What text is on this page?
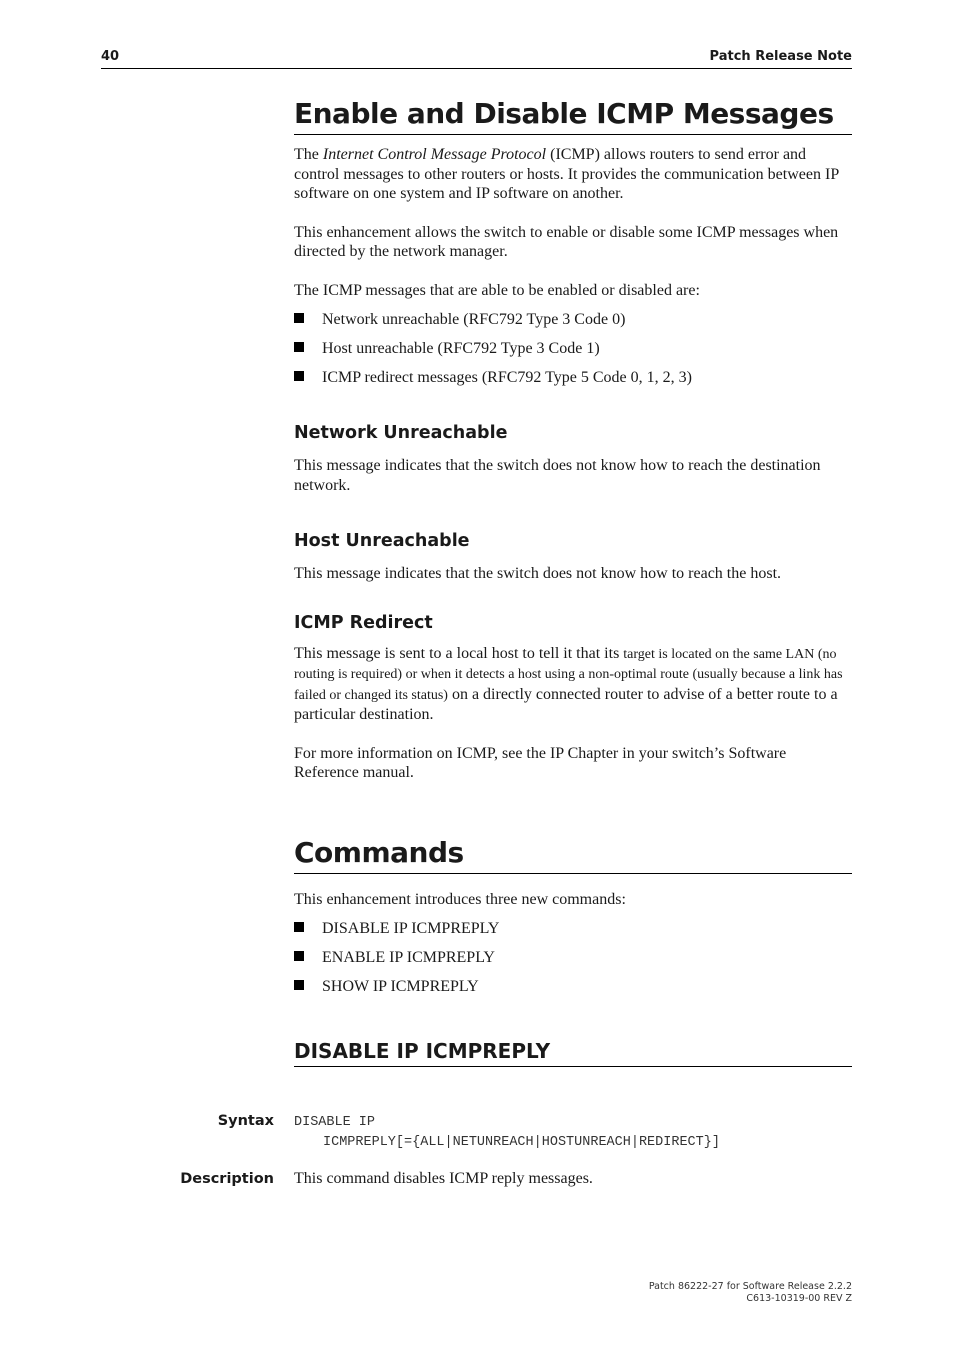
40	Patch Release Note
Enable and Disable ICMP Messages

The Internet Control Message Protocol (ICMP) allows routers to send error and control messages to other routers or hosts. It provides the communication between IP software on one system and IP software on another.

This enhancement allows the switch to enable or disable some ICMP messages when directed by the network manager.

The ICMP messages that are able to be enabled or disabled are:

Network unreachable (RFC792 Type 3 Code 0)
Host unreachable (RFC792 Type 3 Code 1)
ICMP redirect messages (RFC792 Type 5 Code 0, 1, 2, 3)
Network Unreachable

This message indicates that the switch does not know how to reach the destination network.

Host Unreachable

This message indicates that the switch does not know how to reach the host.

ICMP Redirect

This message is sent to a local host to tell it that its target is located on the same LAN (no routing is required) or when it detects a host using a non-optimal route (usually because a link has failed or changed its status) on a directly connected router to advise of a better route to a particular destination.

For more information on ICMP, see the IP Chapter in your switch’s Software Reference manual.

Commands

This enhancement introduces three new commands:

DISABLE IP ICMPREPLY
ENABLE IP ICMPREPLY
SHOW IP ICMPREPLY
DISABLE IP ICMPREPLY
Syntax DISABLE IP
ICMPREPLY[={ALL|NETUNREACH|HOSTUNREACH|REDIRECT}]
Description This command disables ICMP reply messages.
Patch 86222-27 for Software Release 2.2.2
C613-10319-00 REV Z
